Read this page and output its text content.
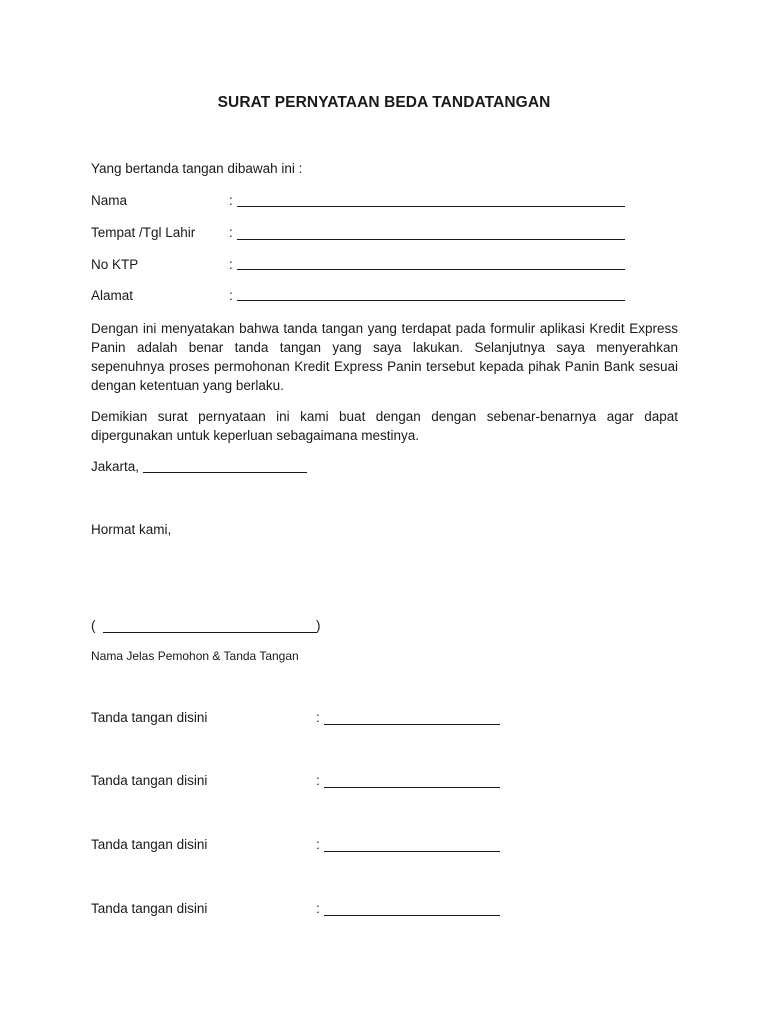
SURAT PERNYATAAN BEDA TANDATANGAN
Yang bertanda tangan dibawah ini :
Nama	:
Tempat /Tgl Lahir :
No KTP	:
Alamat	:
Dengan ini menyatakan bahwa tanda tangan yang terdapat pada formulir aplikasi Kredit Express Panin adalah benar tanda tangan yang saya lakukan. Selanjutnya saya menyerahkan sepenuhnya proses permohonan Kredit Express Panin tersebut kepada pihak Panin Bank sesuai dengan ketentuan yang berlaku.
Demikian surat pernyataan ini kami buat dengan dengan sebenar-benarnya agar dapat dipergunakan untuk keperluan sebagaimana mestinya.
Jakarta,
Hormat kami,
(	)
Nama Jelas Pemohon & Tanda Tangan
Tanda tangan disini	:
Tanda tangan disini	:
Tanda tangan disini	:
Tanda tangan disini	:
